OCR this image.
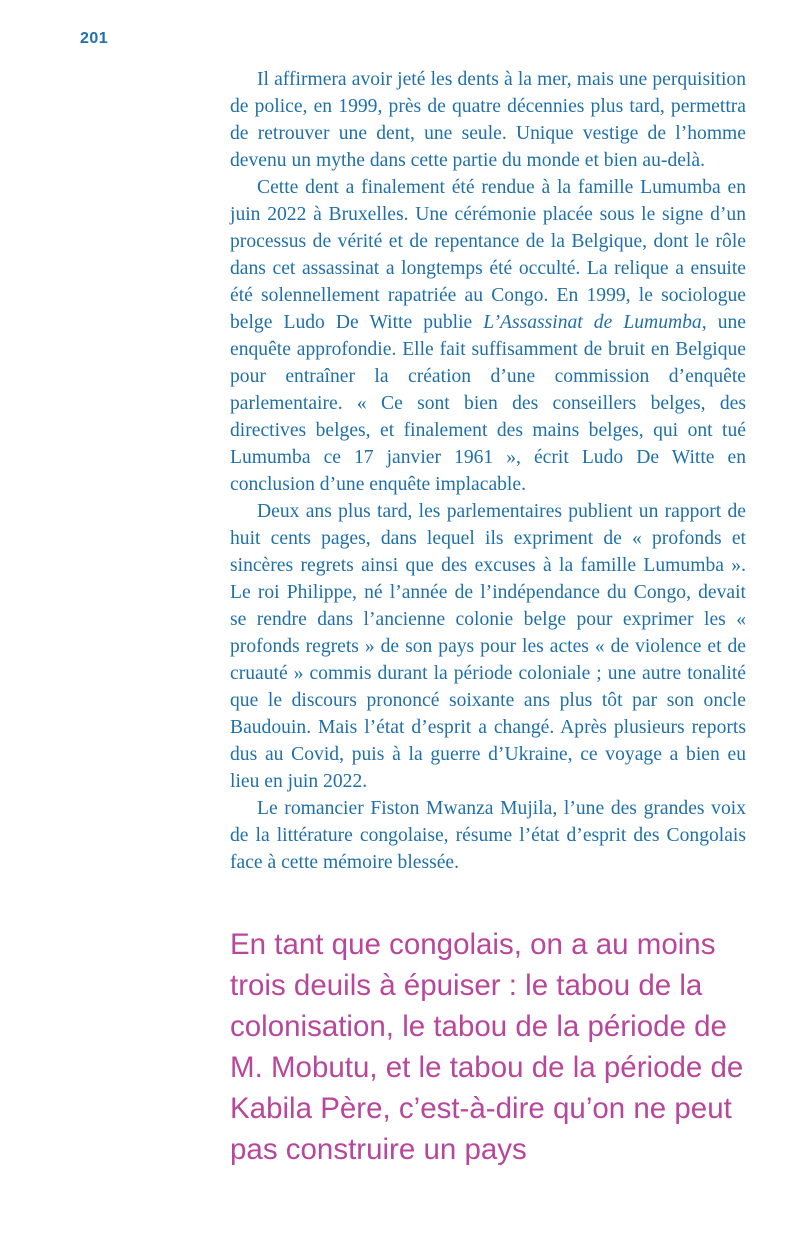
201

Il affirmera avoir jeté les dents à la mer, mais une perquisition de police, en 1999, près de quatre décennies plus tard, permettra de retrouver une dent, une seule. Unique vestige de l’homme devenu un mythe dans cette partie du monde et bien au-delà.

Cette dent a finalement été rendue à la famille Lumumba en juin 2022 à Bruxelles. Une cérémonie placée sous le signe d’un processus de vérité et de repentance de la Belgique, dont le rôle dans cet assassinat a longtemps été occulté. La relique a ensuite été solennellement rapatriée au Congo. En 1999, le sociologue belge Ludo De Witte publie L’Assassinat de Lumumba, une enquête approfondie. Elle fait suffisamment de bruit en Belgique pour entraîner la création d’une commission d’enquête parlementaire. « Ce sont bien des conseillers belges, des directives belges, et finalement des mains belges, qui ont tué Lumumba ce 17 janvier 1961 », écrit Ludo De Witte en conclusion d’une enquête implacable.

Deux ans plus tard, les parlementaires publient un rapport de huit cents pages, dans lequel ils expriment de « profonds et sincères regrets ainsi que des excuses à la famille Lumumba ». Le roi Philippe, né l’année de l’indépendance du Congo, devait se rendre dans l’ancienne colonie belge pour exprimer les « profonds regrets » de son pays pour les actes « de violence et de cruauté » commis durant la période coloniale ; une autre tonalité que le discours prononcé soixante ans plus tôt par son oncle Baudouin. Mais l’état d’esprit a changé. Après plusieurs reports dus au Covid, puis à la guerre d’Ukraine, ce voyage a bien eu lieu en juin 2022.

Le romancier Fiston Mwanza Mujila, l’une des grandes voix de la littérature congolaise, résume l’état d’esprit des Congolais face à cette mémoire blessée.

En tant que congolais, on a au moins trois deuils à épuiser : le tabou de la colonisation, le tabou de la période de M. Mobutu, et le tabou de la période de Kabila Père, c’est-à-dire qu’on ne peut pas construire un pays
